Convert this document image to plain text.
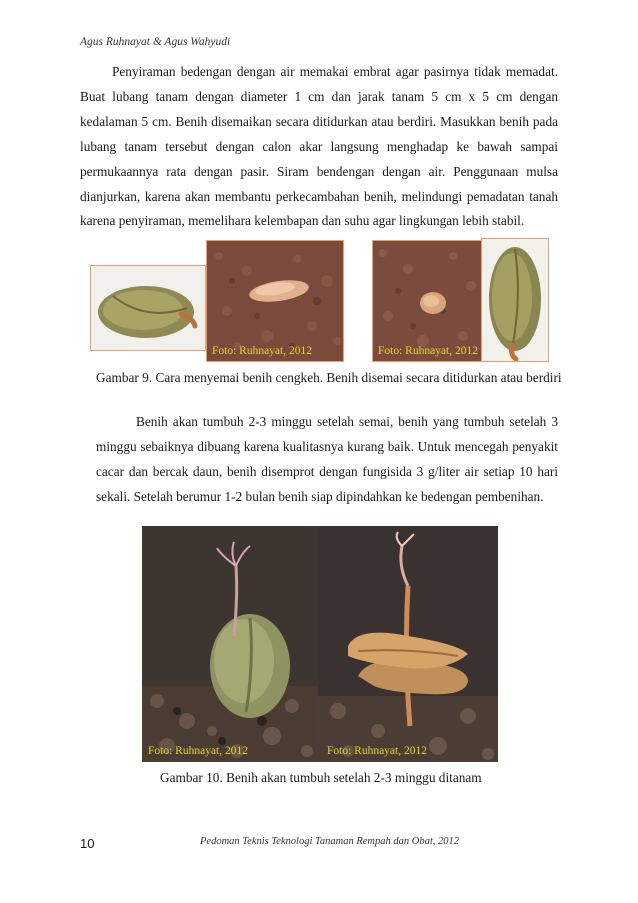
Agus Ruhnayat & Agus Wahyudi

Penyiraman bedengan dengan air memakai embrat agar pasirnya tidak memadat. Buat lubang tanam dengan diameter 1 cm dan jarak tanam 5 cm x 5 cm dengan kedalaman 5 cm. Benih disemaikan secara ditidurkan atau berdiri. Masukkan benih pada lubang tanam tersebut dengan calon akar langsung menghadap ke bawah sampai permukaannya rata dengan pasir. Siram bendengan dengan air. Penggunaan mulsa dianjurkan, karena akan membantu perkecambahan benih, melindungi pemadatan tanah karena penyiraman, memelihara kelembapan dan suhu agar lingkungan lebih stabil.

Foto: Ruhnayat, 2012	Foto: Ruhnayat, 2012
Gambar 9. Cara menyemai benih cengkeh. Benih disemai secara ditidurkan atau berdiri

Benih akan tumbuh 2-3 minggu setelah semai, benih yang tumbuh setelah 3 minggu sebaiknya dibuang karena kualitasnya kurang baik. Untuk mencegah penyakit cacar dan bercak daun, benih disemprot dengan fungisida 3 g/liter air setiap 10 hari sekali. Setelah berumur 1-2 bulan benih siap dipindahkan ke bedengan pembenihan.

Foto: Ruhnayat, 2012	Foto: Ruhnayat, 2012
Gambar 10. Benih akan tumbuh setelah 2-3 minggu ditanam
10	Pedoman Teknis Teknologi Tanaman Rempah dan Obat, 2012
